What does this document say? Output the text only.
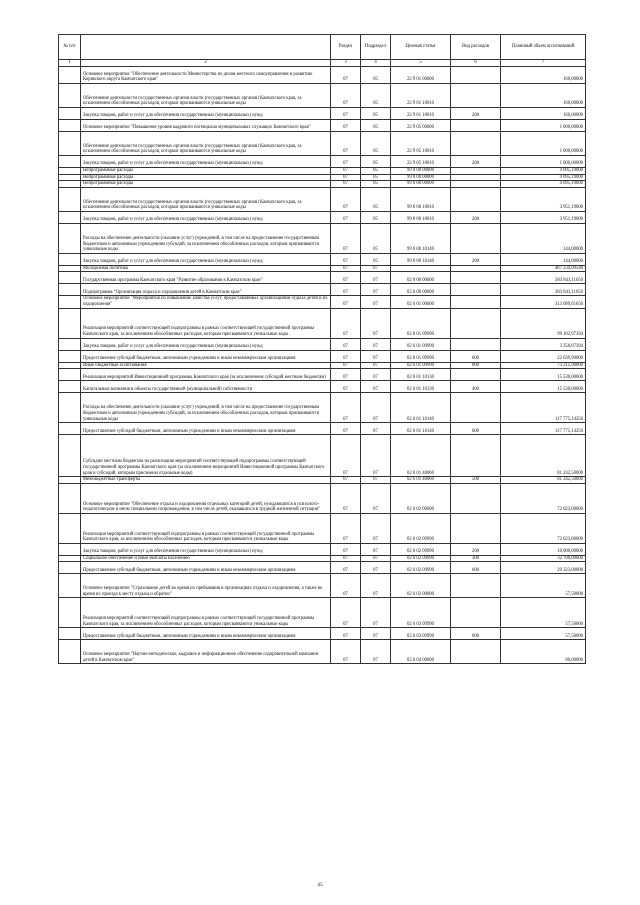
№ п/п		Раздел	Подраздел	Целевая статья	Вид расходов	Плановый объем ассигнований
1	2	3	4	5	6	7
	Основное мероприятие "Обеспечение деятельности Министерства по делам местного самоуправления и развитию Корякского округа Камчатского края"	07	05	22 9 01 00000		160,00000
	Обеспечение деятельности государственных органов власти (государственных органов) Камчатского края, за исключением обособленных расходов, которым присваиваются уникальные коды	07	05	22 9 01 10010		160,00000
	Закупка товаров, работ и услуг для обеспечения государственных (муниципальных) нужд	07	05	22 9 01 10010	200	160,00000
	Основное мероприятие "Повышение уровня кадрового потенциала муниципальных служащих Камчатского края"	07	05	22 9 05 00000		1 000,00000
	Обеспечение деятельности государственных органов власти (государственных органов) Камчатского края, за исключением обособленных расходов, которым присваиваются уникальные коды	07	05	22 9 05 10010		1 000,00000
	Закупка товаров, работ и услуг для обеспечения государственных (муниципальных) нужд	07	05	22 9 05 10010	200	1 000,00000
	Непрограммные расходы	07	05	99 0 00 00000		4 095,19000
	Непрограммные расходы	07	05	99 0 00 00000		4 095,19000
	Непрограммные расходы	07	05	99 0 00 00000		4 095,19000
	Обеспечение деятельности государственных органов власти (государственных органов) Камчатского края, за исключением обособленных расходов, которым присваиваются уникальные коды	07	05	99 0 00 10010		3 951,19000
	Закупка товаров, работ и услуг для обеспечения государственных (муниципальных) нужд	07	05	99 0 00 10010	200	3 951,19000
	Расходы на обеспечение деятельности (оказание услуг) учреждений, в том числе на предоставление государственным бюджетным и автономным учреждениям субсидий, за исключением обособленных расходов, которым присваиваются уникальные коды	07	05	99 0 00 10140		144,00000
	Закупка товаров, работ и услуг для обеспечения государственных (муниципальных) нужд	07	05	99 0 00 10140	200	144,00000
	Молодежная политика	07	07			487 234,09540
	Государственная программа Камчатского края "Развитие образования в Камчатском крае"	07	07	02 0 00 00000		383 843,11650
	Подпрограмма "Организация отдыха и оздоровления детей в Камчатском крае"	07	07	02 6 00 00000		383 843,11650
	Основное мероприятие "Мероприятия по повышению качества услуг, предоставляемых организациями отдыха детей и их оздоровления"	07	07	02 6 01 00000		313 689,61650
	Реализация мероприятий соответствующей подпрограммы в рамках соответствующей государственной программы Камчатского края, за исключением обособленных расходов, которым присваиваются уникальные коды	07	07	02 6 01 09990		99 102,97394
	Закупка товаров, работ и услуг для обеспечения государственных (муниципальных) нужд	07	07	02 6 01 09990		3 356,07394
	Предоставление субсидий бюджетным, автономным учреждениям и иным некоммерческим организациям	07	07	02 6 01 09990	600	22 639,90000
	Иные бюджетные ассигнования	07	07	02 6 01 09990	800	73 215,90000
	Реализация мероприятий Инвестиционной программы Камчатского края (за исключением субсидий местным бюджетам)	07	07	02 6 01 10130		15 530,00000
	Капитальные вложения в объекты государственной (муниципальной) собственности	07	07	02 6 01 10130	400	15 530,00000
	Расходы на обеспечение деятельности (оказание услуг) учреждений, в том числе на предоставление государственным бюджетным и автономным учреждениям субсидий, за исключением обособленных расходов, которым присваиваются уникальные коды	07	07	02 6 01 10140		117 775,14256
	Предоставление субсидий бюджетным, автономным учреждениям и иным некоммерческим организациям	07	07	02 6 01 10140	600	117 775,14256
	Субсидии местным бюджетам на реализацию мероприятий соответствующей подпрограммы соответствующей государственной программы Камчатского края (за исключением мероприятий Инвестиционной программы Камчатского края и субсидий, которым присвоены отдельные коды)	07	07	02 6 01 40060		81 242,50000
	Межбюджетные трансферты	07	07	02 6 01 40060	500	81 242,50000
	Основное мероприятие "Обеспечение отдыха и оздоровления отдельных категорий детей, нуждающихся в психолого-педагогическом и ином специальном сопровождении, в том числе детей, оказавшихся в трудной жизненной ситуации"	07	07	02 6 02 00000		72 023,00000
	Реализация мероприятий соответствующей подпрограммы в рамках соответствующей государственной программы Камчатского края, за исключением обособленных расходов, которым присваиваются уникальные коды	07	07	02 6 02 09990		72 023,00000
	Закупка товаров, работ и услуг для обеспечения государственных (муниципальных) нужд	07	07	02 6 02 09990	200	10 000,00000
	Социальное обеспечение и иные выплаты населению	07	07	02 6 02 09990	300	32 700,00000
	Предоставление субсидий бюджетным, автономным учреждениям и иным некоммерческим организациям	07	07	02 6 02 09990	600	29 323,00000
	Основное мероприятие "Страхование детей во время их пребывания в организациях отдыха и оздоровления, а также во время их проезда к месту отдыха и обратно"	07	07	02 6 03 00000		57,50000
	Реализация мероприятий соответствующей подпрограммы в рамках соответствующей государственной программы Камчатского края, за исключением обособленных расходов, которым присваиваются уникальные коды	07	07	02 6 03 09990		57,50000
	Предоставление субсидий бюджетным, автономным учреждениям и иным некоммерческим организациям	07	07	02 6 03 09990	600	57,50000
	Основное мероприятие "Научно-методическое, кадровое и информационное обеспечение оздоровительной кампании детей в Камчатском крае"	07	07	02 6 04 00000		80,00000
45
